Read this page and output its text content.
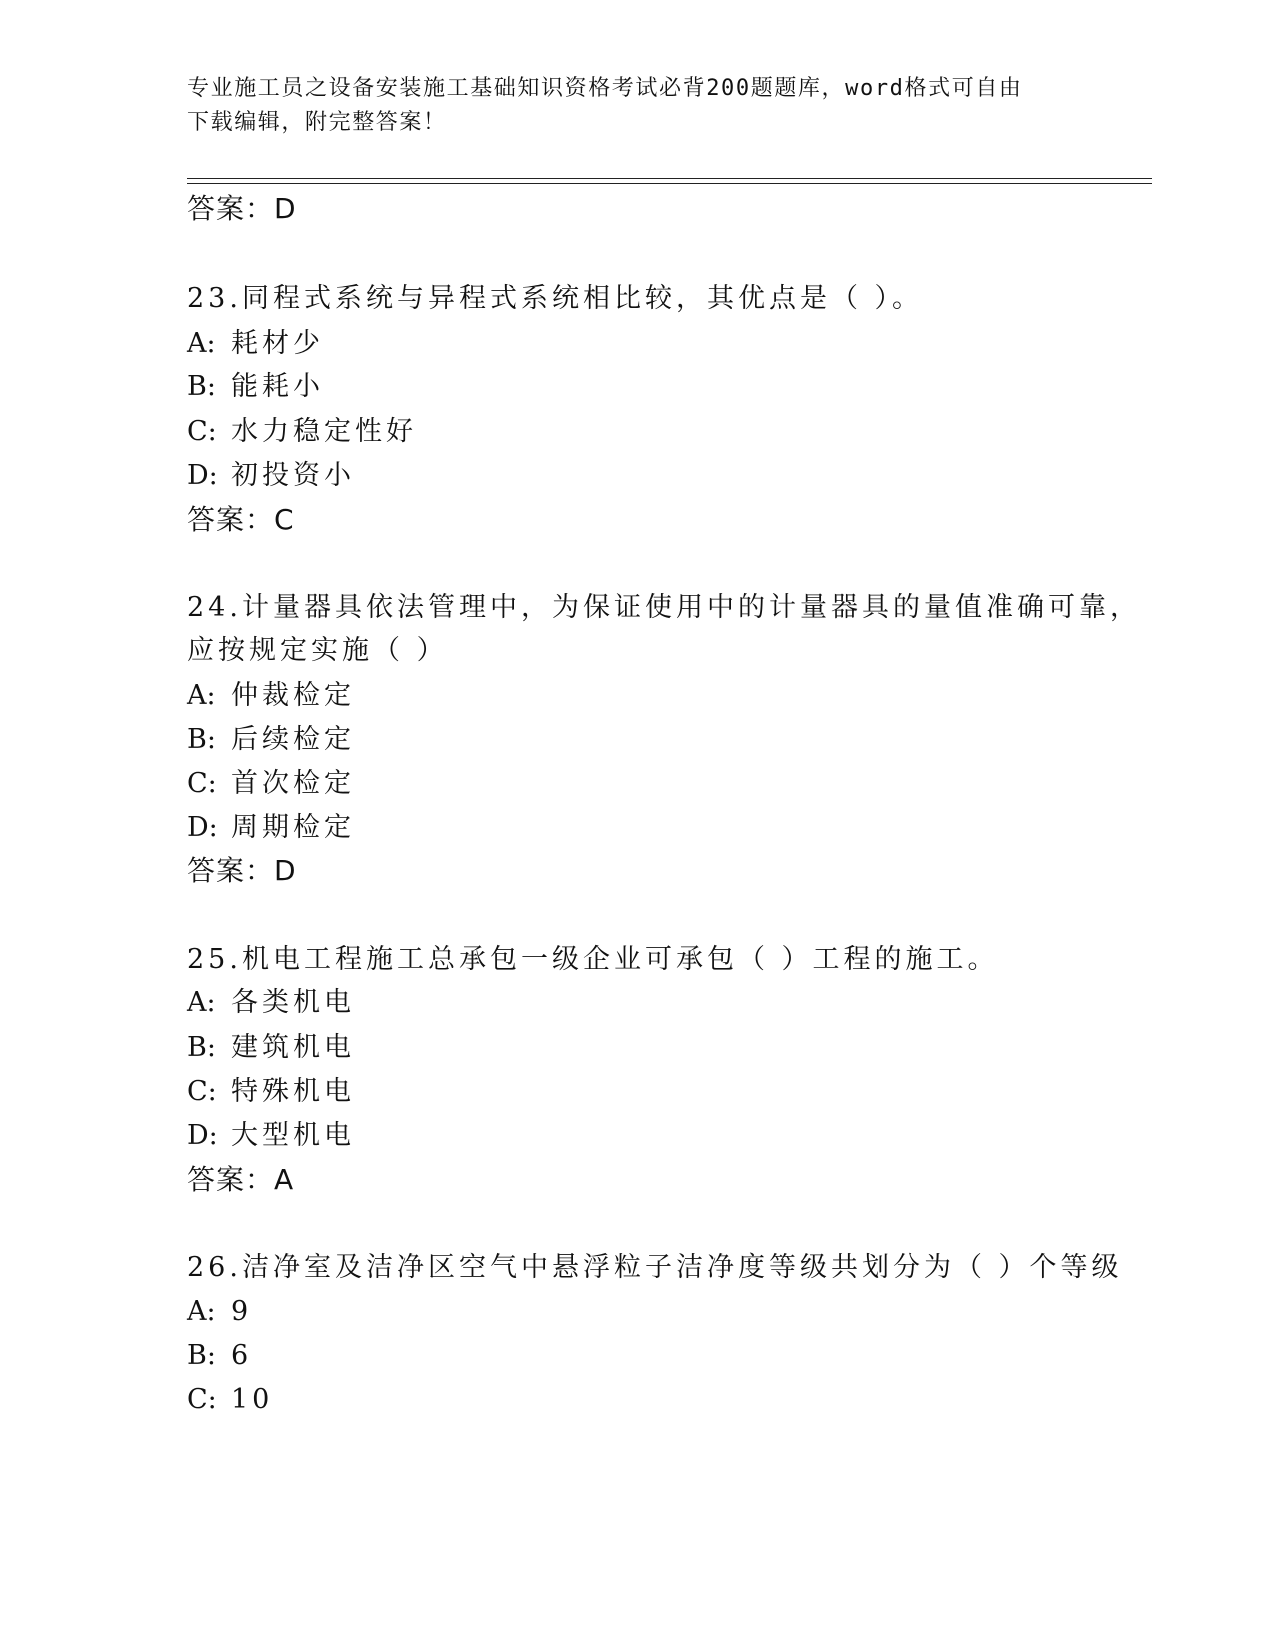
专业施工员之设备安装施工基础知识资格考试必背200题题库，word格式可自由
下载编辑，附完整答案！
答案：D
23.同程式系统与异程式系统相比较，其优点是（ ）。
A: 耗材少
B: 能耗小
C: 水力稳定性好
D: 初投资小
答案：C
24.计量器具依法管理中，为保证使用中的计量器具的量值准确可靠，
应按规定实施（ ）
A: 仲裁检定
B: 后续检定
C: 首次检定
D: 周期检定
答案：D
25.机电工程施工总承包一级企业可承包（ ）工程的施工。
A: 各类机电
B: 建筑机电
C: 特殊机电
D: 大型机电
答案：A
26.洁净室及洁净区空气中悬浮粒子洁净度等级共划分为（ ）个等级
A: 9
B: 6
C: 10
